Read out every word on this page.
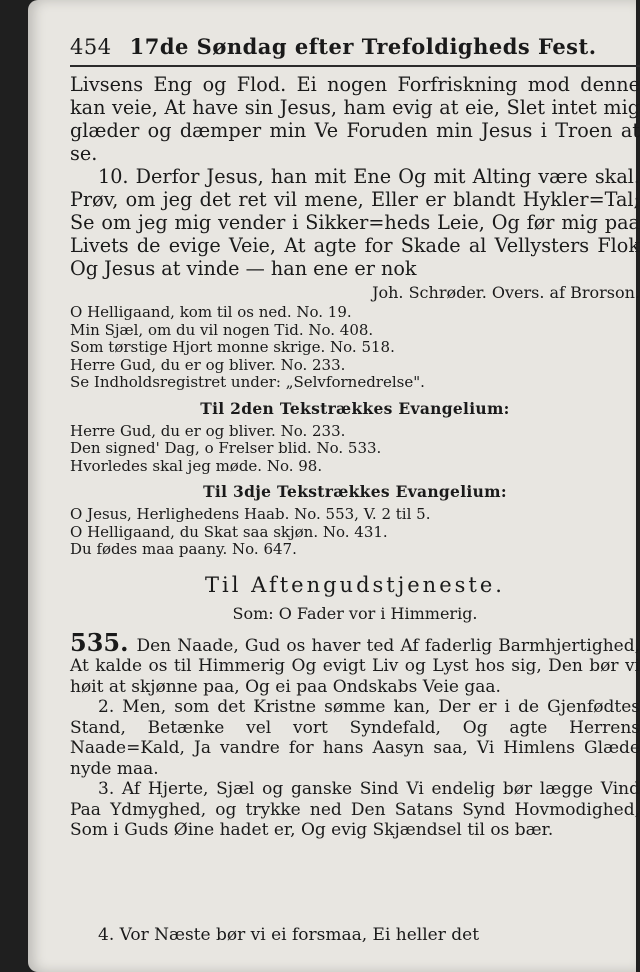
454 17de Søndag efter Trefoldigheds Fest.

Livsens Eng og Flod. Ei nogen Forfriskning mod denne kan veie, At have sin Jesus, ham evig at eie, Slet intet mig glæder og dæmper min Ve Foruden min Jesus i Troen at se.

10. Derfor Jesus, han mit Ene Og mit Alting være skal. Prøv, om jeg det ret vil mene, Eller er blandt Hykler=Tal; Se om jeg mig vender i Sikker=heds Leie, Og før mig paa Livets de evige Veie, At agte for Skade al Vellysters Flok Og Jesus at vinde — han ene er nok

Joh. Schrøder. Overs. af Brorson.

O Helligaand, kom til os ned. No. 19.
Min Sjæl, om du vil nogen Tid. No. 408.
Som tørstige Hjort monne skrige. No. 518.
Herre Gud, du er og bliver. No. 233.
Se Indholdsregistret under: „Selvfornedrelse".
Til 2den Tekstrækkes Evangelium:
Herre Gud, du er og bliver. No. 233.
Den signed' Dag, o Frelser blid. No. 533.
Hvorledes skal jeg møde. No. 98.
Til 3dje Tekstrækkes Evangelium:
O Jesus, Herlighedens Haab. No. 553, V. 2 til 5.
O Helligaand, du Skat saa skjøn. No. 431.
Du fødes maa paany. No. 647.
Til Aftengudstjeneste.
Som: O Fader vor i Himmerig.

535. Den Naade, Gud os haver ted Af faderlig Barmhjertighed, At kalde os til Himmerig Og evigt Liv og Lyst hos sig, Den bør vi høit at skjønne paa, Og ei paa Ondskabs Veie gaa.

2. Men, som det Kristne sømme kan, Der er i de Gjenfødtes Stand, Betænke vel vort Syndefald, Og agte Herrens Naade=Kald, Ja vandre for hans Aasyn saa, Vi Himlens Glæde nyde maa.

3. Af Hjerte, Sjæl og ganske Sind Vi endelig bør lægge Vind Paa Ydmyghed, og trykke ned Den Satans Synd Hovmodighed, Som i Guds Øine hadet er, Og evig Skjændsel til os bær.

4. Vor Næste bør vi ei forsmaa, Ei heller det
